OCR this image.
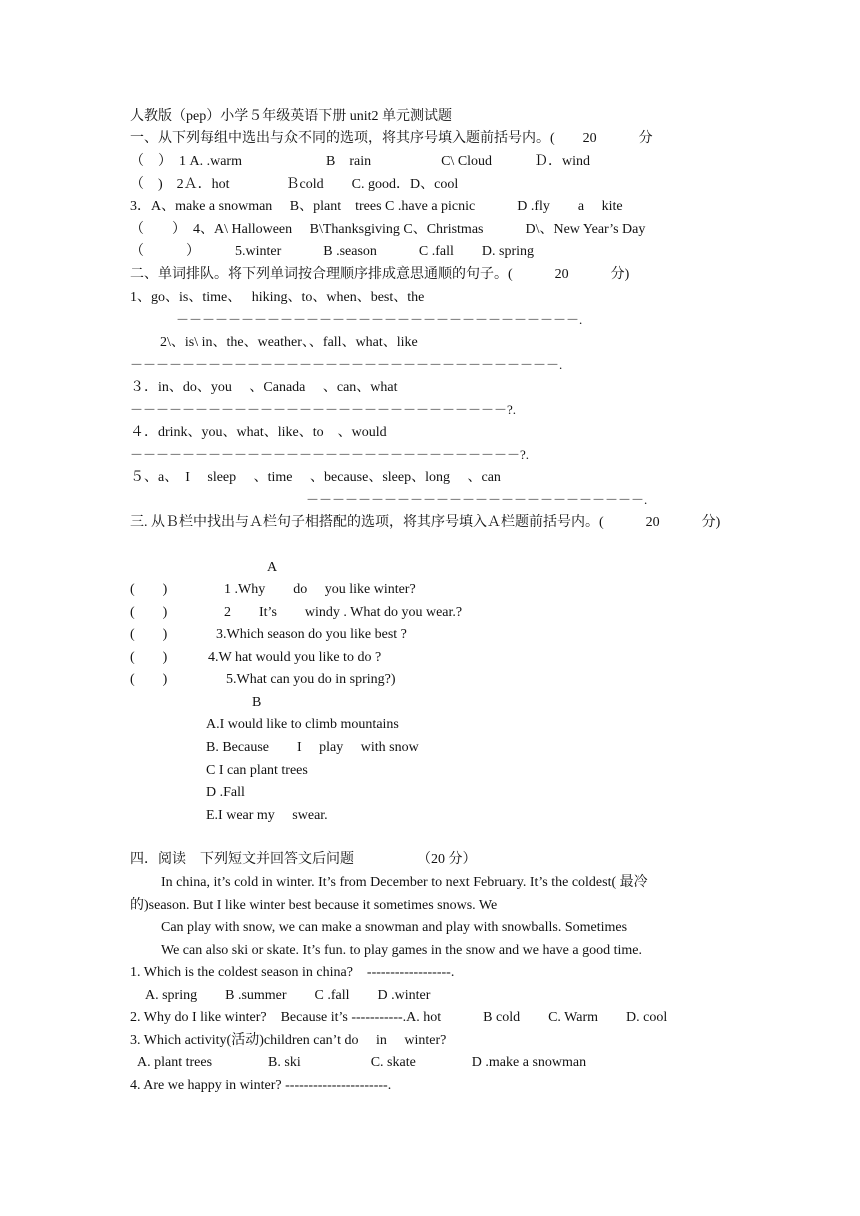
人教版（pep）小学５年级英语下册 unit2 单元测试题
一、从下列每组中选出与众不同的选项，将其序号填入题前括号内。(　　20　　　分
（　）　1 A. .warm　　　　　　B　rain　　　　　C\ Cloud　　　Ｄ．wind
（　)　2Ａ．hot　　　　Ｂcold　　C. good．D、cool
3．A、make a snowman　 B、plant　trees C .have a picnic　　　D .fly　　a　 kite
（　　）　4、A\ Halloween　 B\Thanksgiving C、Christmas　　　D\、New Year’s Day
（　　　）　　　5.winter　　　B .season　　　C .fall　　D. spring
二、单词排队。将下列单词按合理顺序排成意思通顺的句子。(　　　20　　　分)
1、go、is、time、　 hiking、to、when、best、the
－－－－－－－－－－－－－－－－－－－－－－－－－－－－－－－.
2\、is\ in、the、weather、、fall、what、like
－－－－－－－－－－－－－－－－－－－－－－－－－－－－－－－－－.
３．in、do、you　 、Canada　 、can、what
－－－－－－－－－－－－－－－－－－－－－－－－－－－－－?.
４．drink、you、what、like、to　、would
－－－－－－－－－－－－－－－－－－－－－－－－－－－－－－?.
５、a、　I　 sleep　 、time　 、because、sleep、long　 、can
－－－－－－－－－－－－－－－－－－－－－－－－－－.
三. 从Ｂ栏中找出与Ａ栏句子相搭配的选项，将其序号填入Ａ栏题前括号内。(　　　20　　　分)
A
(　　)	1 .Why　　do　 you like winter?
(　　)	2　　It’s　　windy . What do you wear.?
(　　)	3.Which season do you like best ?
(　　)	4.W hat would you like to do ?
(　　)	5.What can you do in spring?)
B
A.I would like to climb mountains
B. Because　　I　 play　 with snow
C I can plant trees
D .Fall
E.I wear my　 swear.
四．阅读　下列短文并回答文后问题　　　　　（20 分）
In china, it’s cold in winter. It’s from December to next February. It’s the coldest( 最冷
的)season. But I like winter best because it sometimes snows. We
Can play with snow, we can make a snowman and play with snowballs. Sometimes
We can also ski or skate. It’s fun. to play games in the snow and we have a good time.
1. Which is the coldest season in china?　------------------.
A. spring　　B .summer　　C .fall　　D .winter
2. Why do I like winter?　Because it’s -----------.A. hot　　　B cold　　C. Warm　　D. cool
3. Which activity(活动)children can’t do　 in　 winter?
A. plant trees　　　　B. ski　　　　　C. skate　　　　D .make a snowman
4. Are we happy in winter? ----------------------.
